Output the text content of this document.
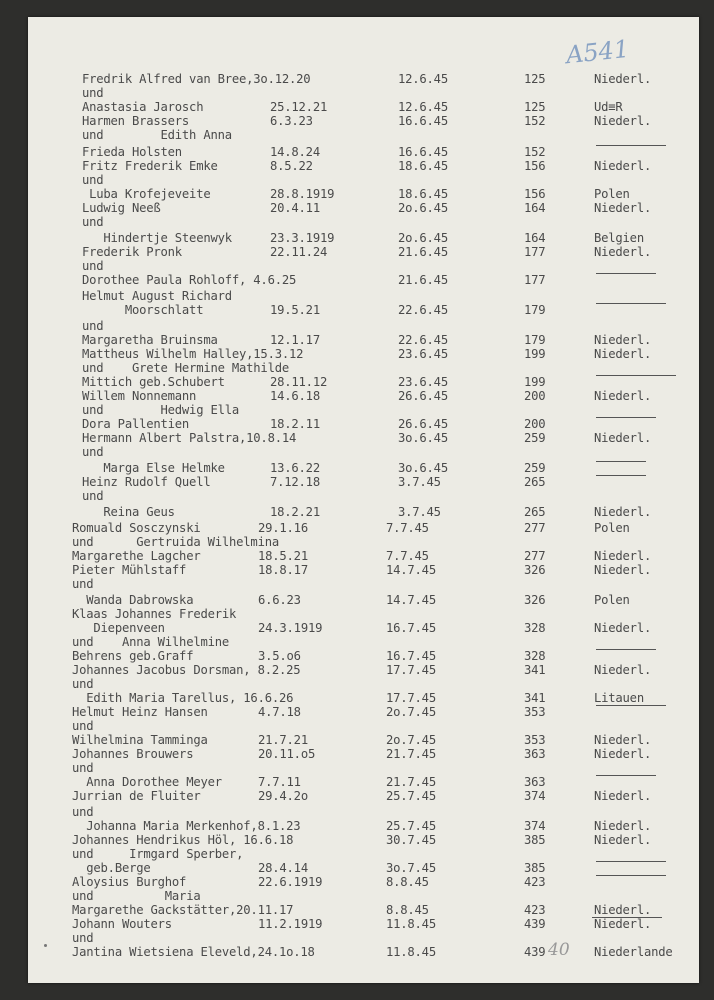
A541
40
Fredrik Alfred van Bree,3o.12.20	12.6.45	125	Niederl.
und
Anastasia Jarosch	25.12.21	12.6.45	125	Ud≡R
Harmen Brassers	6.3.23	16.6.45	152	Niederl.
und        Edith Anna
Frieda Holsten	14.8.24	16.6.45	152
Fritz Frederik Emke	8.5.22	18.6.45	156	Niederl.
und
Luba Krofejeveite	28.8.1919	18.6.45	156	Polen
Ludwig Neeß	20.4.11	2o.6.45	164	Niederl.
und
Hindertje Steenwyk	23.3.1919	2o.6.45	164	Belgien
Frederik Pronk	22.11.24	21.6.45	177	Niederl.
und
Dorothee Paula Rohloff, 4.6.25	21.6.45	177
Helmut August Richard
Moorschlatt	19.5.21	22.6.45	179
und
Margaretha Bruinsma	12.1.17	22.6.45	179	Niederl.
Mattheus Wilhelm Halley,15.3.12	23.6.45	199	Niederl.
und    Grete Hermine Mathilde
Mittich geb.Schubert	28.11.12	23.6.45	199
Willem Nonnemann	14.6.18	26.6.45	200	Niederl.
und        Hedwig Ella
Dora Pallentien	18.2.11	26.6.45	200
Hermann Albert Palstra,10.8.14	3o.6.45	259	Niederl.
und
Marga Else Helmke	13.6.22	3o.6.45	259
Heinz Rudolf Quell	7.12.18	3.7.45	265
und
Reina Geus	18.2.21	3.7.45	265	Niederl.
Romuald Sosczynski	29.1.16	7.7.45	277	Polen
und      Gertruida Wilhelmina
Margarethe Lagcher	18.5.21	7.7.45	277	Niederl.
Pieter Mühlstaff	18.8.17	14.7.45	326	Niederl.
und
Wanda Dabrowska	6.6.23	14.7.45	326	Polen
Klaas Johannes Frederik
Diepenveen	24.3.1919	16.7.45	328	Niederl.
und    Anna Wilhelmine
Behrens geb.Graff	3.5.o6	16.7.45	328
Johannes Jacobus Dorsman, 8.2.25	17.7.45	341	Niederl.
und
Edith Maria Tarellus, 16.6.26	17.7.45	341	Litauen
Helmut Heinz Hansen	4.7.18	2o.7.45	353
und
Wilhelmina Tamminga	21.7.21	2o.7.45	353	Niederl.
Johannes Brouwers	20.11.o5	21.7.45	363	Niederl.
und
Anna Dorothee Meyer	7.7.11	21.7.45	363
Jurrian de Fluiter	29.4.2o	25.7.45	374	Niederl.
und
Johanna Maria Merkenhof,8.1.23	25.7.45	374	Niederl.
Johannes Hendrikus Höl, 16.6.18	30.7.45	385	Niederl.
und     Irmgard Sperber,
geb.Berge	28.4.14	3o.7.45	385
Aloysius Burghof	22.6.1919	8.8.45	423
und          Maria
Margarethe Gackstätter,20.11.17	8.8.45	423	Niederl.
Johann Wouters	11.2.1919	11.8.45	439	Niederl.
und
Jantina Wietsiena Eleveld,24.1o.18	11.8.45	439	Niederlande
